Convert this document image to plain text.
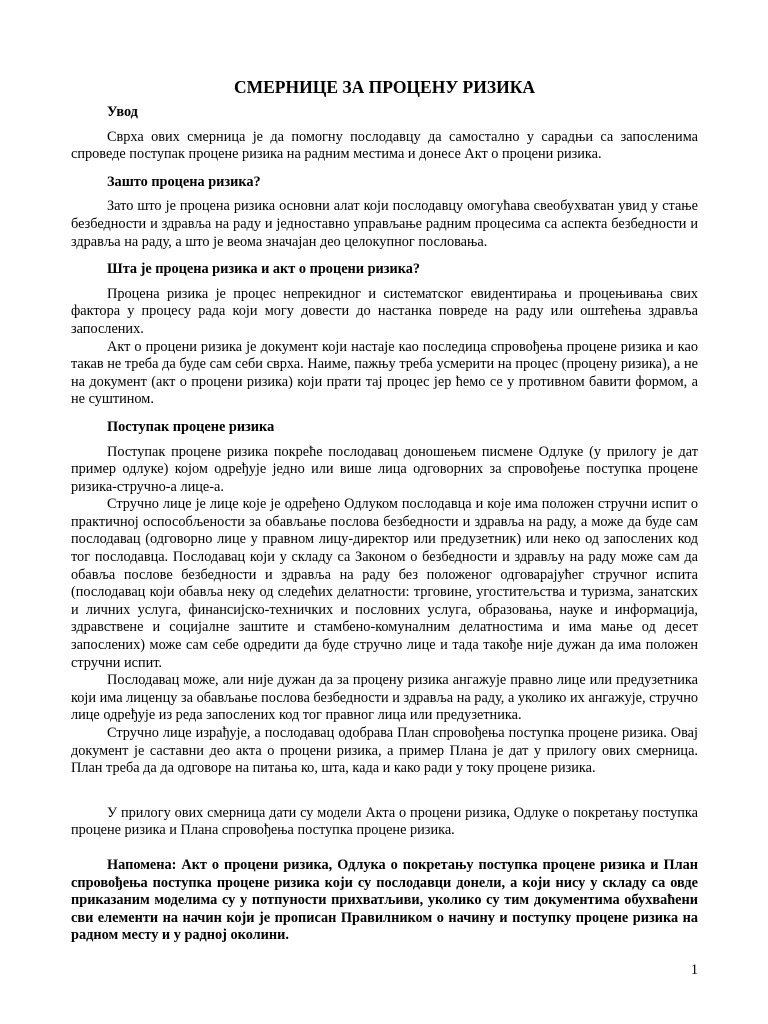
СМЕРНИЦЕ ЗА ПРОЦЕНУ РИЗИКА
Увод

Сврха ових смерница је да помогну послодавцу да самостално у сарадњи са запосленима спроведе поступак процене ризика на радним местима и донесе Акт о процени ризика.

Зашто процена ризика?

Зато што је процена ризика основни алат који послодавцу омогућава свеобухватан увид у стање безбедности и здравља на раду и једноставно управљање радним процесима са аспекта безбедности и здравља на раду, а што је веома значајан део целокупног пословања.

Шта је процена ризика и акт о процени ризика?

Процена ризика је процес непрекидног и систематског евидентирања и процењивања свих фактора у процесу рада који могу довести до настанка повреде на раду или оштећења здравља запослених.

Акт о процени ризика је документ који настаје као последица спровођења процене ризика и као такав не треба да буде сам себи сврха. Наиме, пажњу треба усмерити на процес (процену ризика), а не на документ (акт о процени ризика) који прати тај процес јер ћемо се у противном бавити формом, а не суштином.

Поступак процене ризика

Поступак процене ризика покреће послодавац доношењем писмене Одлуке (у прилогу је дат пример одлуке) којом одређује једно или више лица одговорних за спровођење поступка процене ризика-стручно-а лице-а.

Стручно лице је лице које је одређено Одлуком послодавца и које има положен стручни испит о практичној оспособљености за обављање послова безбедности и здравља на раду, а може да буде сам послодавац (одговорно лице у правном лицу-директор или предузетник) или неко од запослених код тог послодавца. Послодавац који у складу са Законом о безбедности и здрављу на раду може сам да обавља послове безбедности и здравља на раду без положеног одговарајућег стручног испита (послодавац који обавља неку од следећих делатности: трговине, угоститељства и туризма, занатских и личних услуга, финансијско-техничких и пословних услуга, образовања, науке и информација, здравствене и социјалне заштите и стамбено-комуналним делатностима и има мање од десет запослених) може сам себе одредити да буде стручно лице и тада такође није дужан да има положен стручни испит.

Послодавац може, али није дужан да за процену ризика ангажује правно лице или предузетника који има лиценцу за обављање послова безбедности и здравља на раду, а уколико их ангажује, стручно лице одређује из реда запослених код тог правног лица или предузетника.

Стручно лице израђује, а послодавац одобрава План спровођења поступка процене ризика. Овај документ је саставни део акта о процени ризика, а пример Плана је дат у прилогу ових смерница. План треба да да одговоре на питања ко, шта, када и како ради у току процене ризика.

У прилогу ових смерница дати су модели Акта о процени ризика, Одлуке о покретању поступка процене ризика и Плана спровођења поступка процене ризика.

Напомена: Акт о процени ризика, Одлука о покретању поступка процене ризика и План спровођења поступка процене ризика који су послодавци донели, а који нису у складу са овде приказаним моделима су у потпуности прихватљиви, уколико су тим документима обухваћени сви елементи на начин који је прописан Правилником о начину и поступку процене ризика на радном месту и у радној околини.

1
